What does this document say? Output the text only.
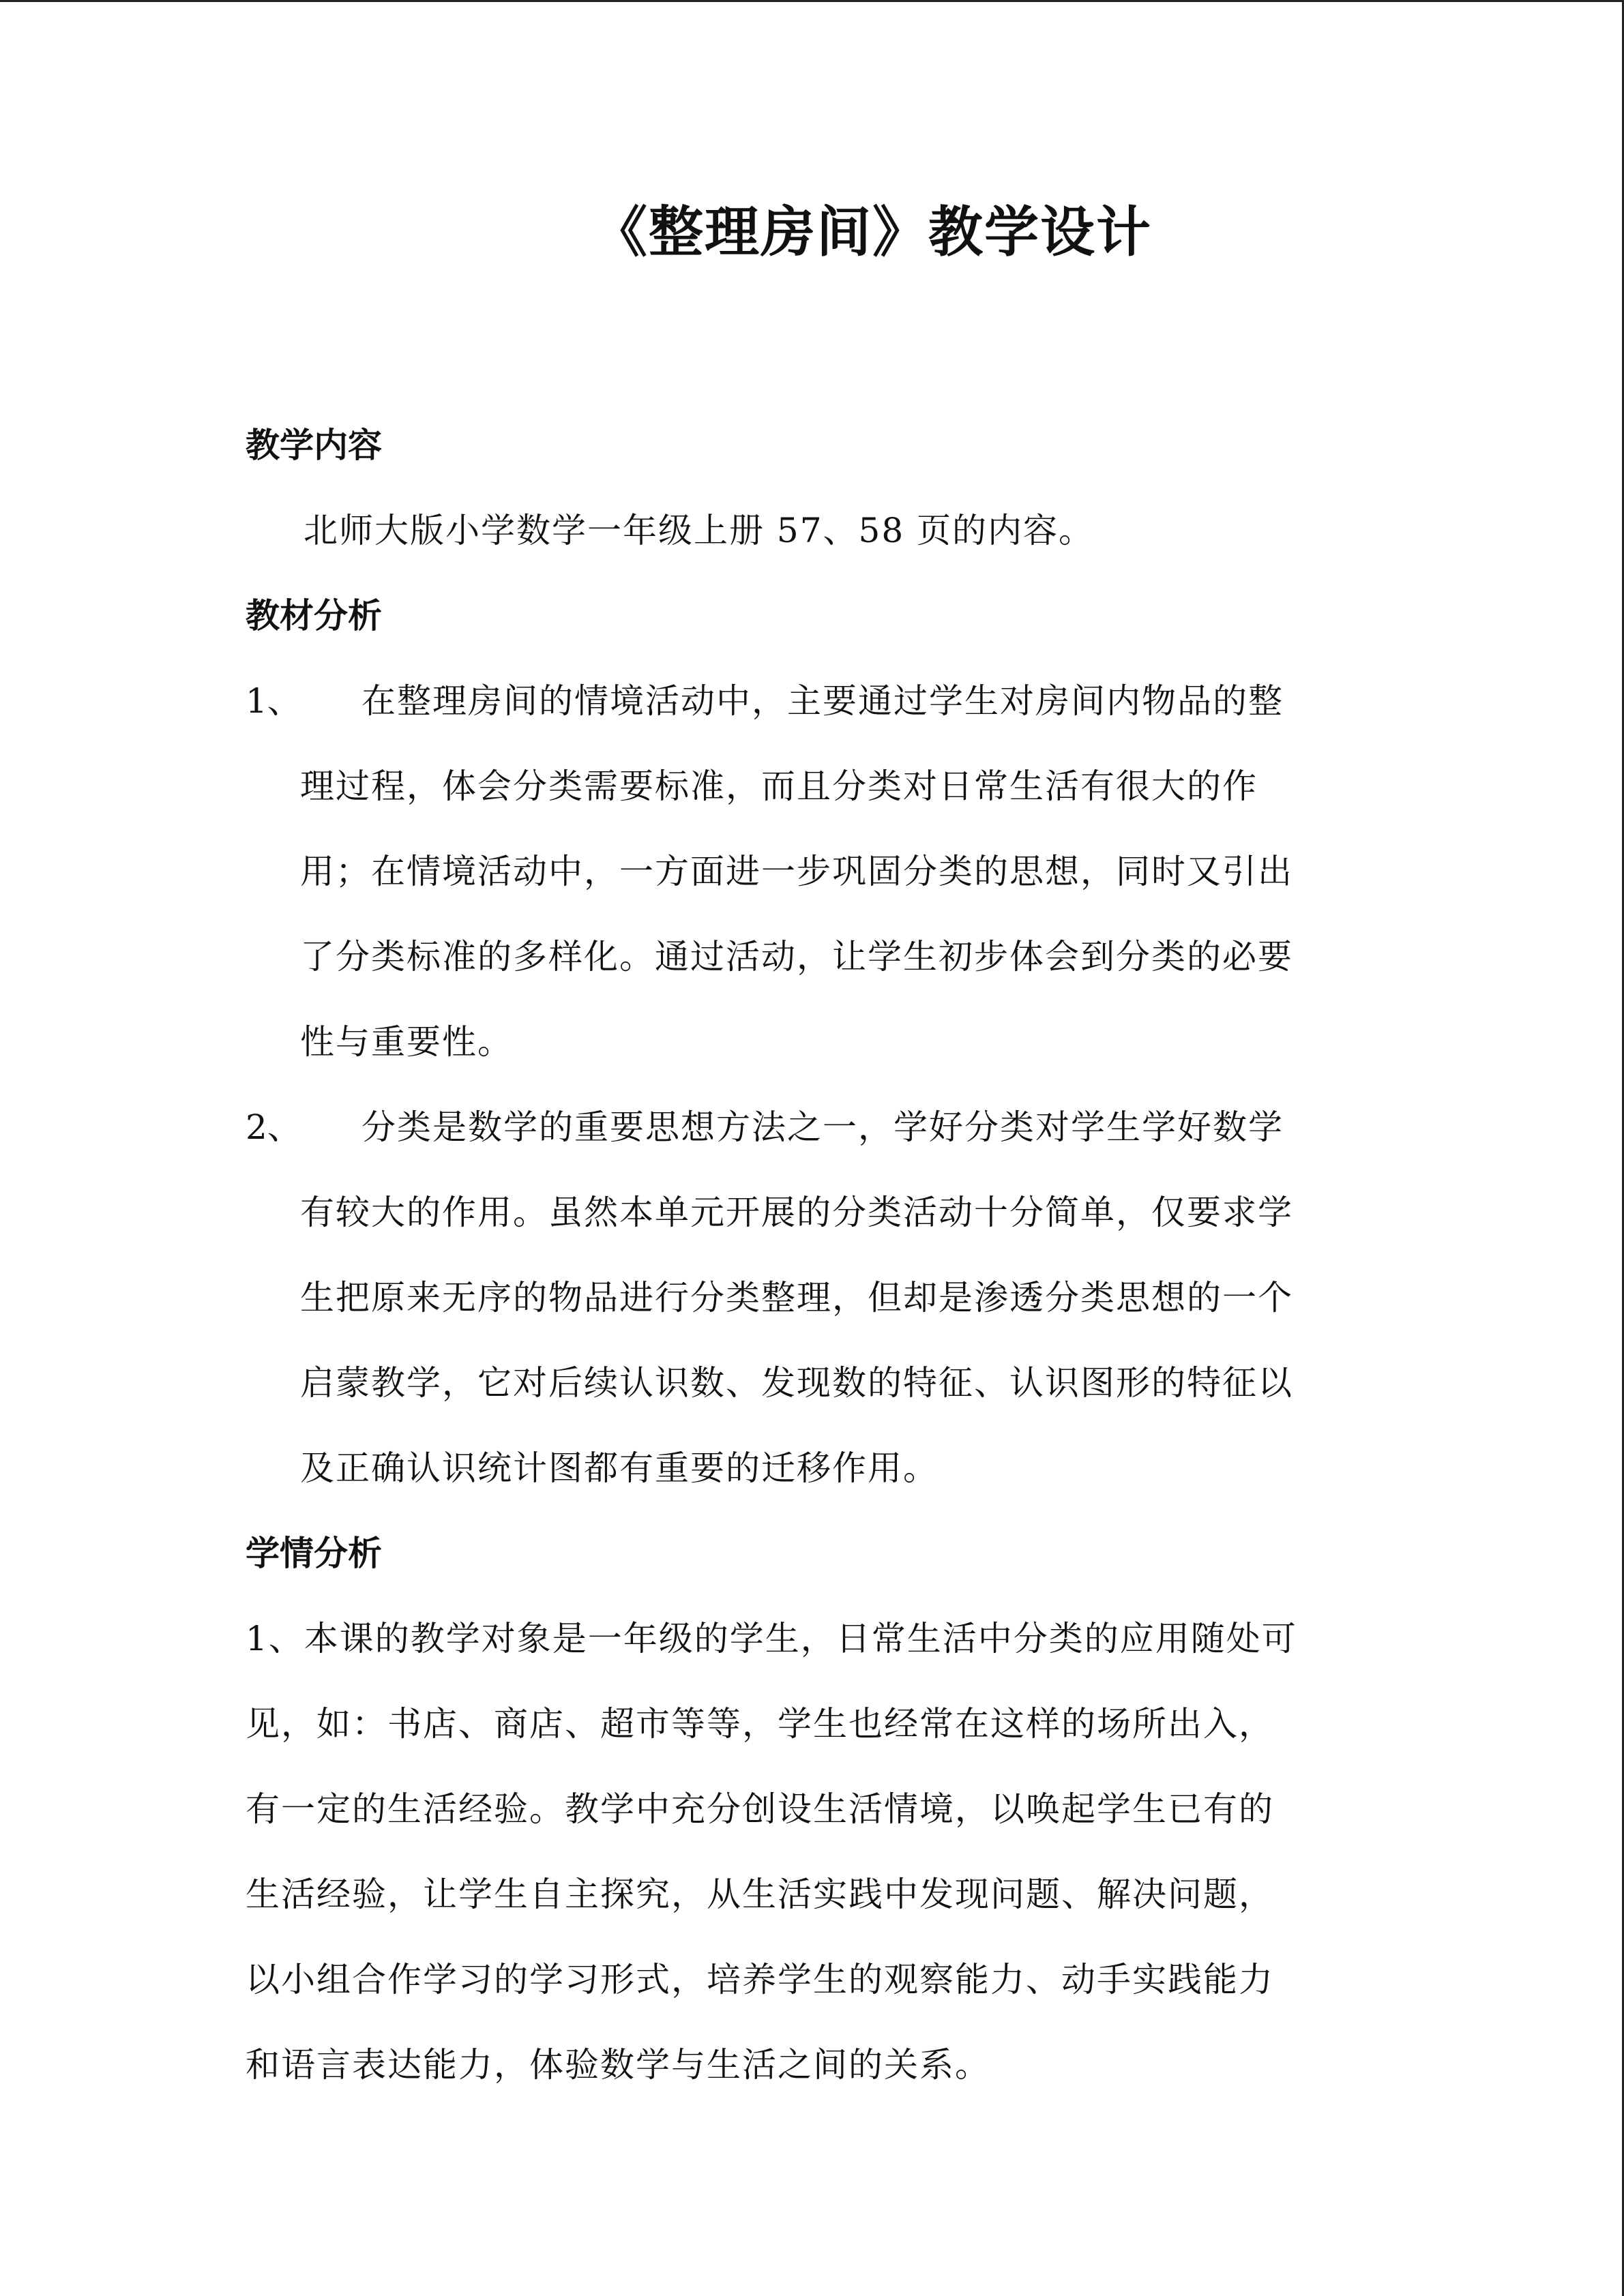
《整理房间》教学设计
教学内容
北师大版小学数学一年级上册 57、58 页的内容。
教材分析
1、 在整理房间的情境活动中，主要通过学生对房间内物品的整
理过程，体会分类需要标准，而且分类对日常生活有很大的作
用；在情境活动中，一方面进一步巩固分类的思想，同时又引出
了分类标准的多样化。通过活动，让学生初步体会到分类的必要
性与重要性。
2、 分类是数学的重要思想方法之一，学好分类对学生学好数学
有较大的作用。虽然本单元开展的分类活动十分简单，仅要求学
生把原来无序的物品进行分类整理，但却是渗透分类思想的一个
启蒙教学，它对后续认识数、发现数的特征、认识图形的特征以
及正确认识统计图都有重要的迁移作用。
学情分析
1、本课的教学对象是一年级的学生，日常生活中分类的应用随处可
见，如：书店、商店、超市等等，学生也经常在这样的场所出入，
有一定的生活经验。教学中充分创设生活情境，以唤起学生已有的
生活经验，让学生自主探究，从生活实践中发现问题、解决问题，
以小组合作学习的学习形式，培养学生的观察能力、动手实践能力
和语言表达能力，体验数学与生活之间的关系。
